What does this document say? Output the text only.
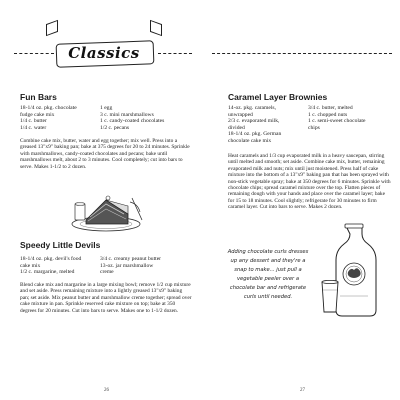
Classics
Fun Bars
18-1/4 oz. pkg. chocolate
fudge cake mix
1/4 c. butter
1/4 c. water
1 egg
3 c. mini marshmallows
1 c. candy-coated chocolates
1/2 c. pecans
Combine cake mix, butter, water and egg together; mix well. Press into a greased 13"x9" baking pan; bake at 375 degrees for 20 to 24 minutes. Sprinkle with marshmallows, candy-coated chocolates and pecans; bake until marshmallows melt, about 2 to 3 minutes. Cool completely; cut into bars to serve. Makes 1-1/2 to 2 dozen.
Speedy Little Devils
18-1/4 oz. pkg. devil's food
cake mix
1/2 c. margarine, melted
3/4 c. creamy peanut butter
13-oz. jar marshmallow
creme
Blend cake mix and margarine in a large mixing bowl; remove 1/2 cup mixture and set aside. Press remaining mixture into a lightly greased 13"x9" baking pan; set aside. Mix peanut butter and marshmallow creme together; spread over cake mixture in pan. Sprinkle reserved cake mixture on top; bake at 350 degrees for 20 minutes. Cut into bars to serve. Makes one to 1-1/2 dozen.
26
Caramel Layer Brownies
14-oz. pkg. caramels,
unwrapped
2/3 c. evaporated milk,
divided
18-1/4 oz. pkg. German
chocolate cake mix
3/4 c. butter, melted
1 c. chopped nuts
1 c. semi-sweet chocolate
chips
Heat caramels and 1/3 cup evaporated milk in a heavy saucepan, stirring until melted and smooth; set aside. Combine cake mix, butter, remaining evaporated milk and nuts; mix until just moistened. Press half of cake mixture into the bottom of a 13"x9" baking pan that has been sprayed with non-stick vegetable spray; bake at 350 degrees for 6 minutes. Sprinkle with chocolate chips; spread caramel mixture over the top. Flatten pieces of remaining dough with your hands and place over the caramel layer; bake for 15 to 18 minutes. Cool slightly; refrigerate for 30 minutes to firm caramel layer. Cut into bars to serve. Makes 2 dozen.
Adding chocolate curls dresses up any dessert and they're a snap to make... just pull a vegetable peeler over a chocolate bar and refrigerate curls until needed.
27
